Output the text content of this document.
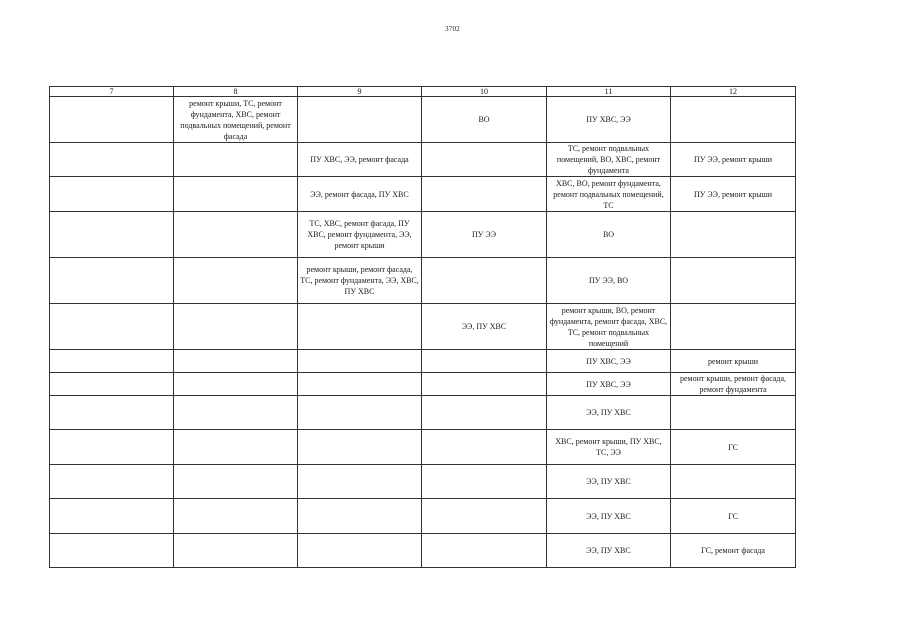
3702
7	8	9	10	11	12
	ремонт крыши, ТС, ремонт фундамента, ХВС, ремонт подвальных помещений, ремонт фасада		ВО	ПУ ХВС, ЭЭ	
		ПУ ХВС, ЭЭ, ремонт фасада		ТС, ремонт подвальных помещений, ВО, ХВС, ремонт фундамента	ПУ ЭЭ, ремонт крыши
		ЭЭ, ремонт фасада, ПУ ХВС		ХВС, ВО, ремонт фундамента, ремонт подвальных помещений, ТС	ПУ ЭЭ, ремонт крыши
		ТС, ХВС, ремонт фасада, ПУ ХВС, ремонт фундамента, ЭЭ, ремонт крыши	ПУ ЭЭ	ВО	
		ремонт крыши, ремонт фасада, ТС, ремонт фундамента, ЭЭ, ХВС, ПУ ХВС		ПУ ЭЭ, ВО	
			ЭЭ, ПУ ХВС	ремонт крыши, ВО, ремонт фундамента, ремонт фасада, ХВС, ТС, ремонт подвальных помещений	
				ПУ ХВС, ЭЭ	ремонт крыши
				ПУ ХВС, ЭЭ	ремонт крыши, ремонт фасада, ремонт фундамента
				ЭЭ, ПУ ХВС	
				ХВС, ремонт крыши, ПУ ХВС, ТС, ЭЭ	ГС
				ЭЭ, ПУ ХВС	
				ЭЭ, ПУ ХВС	ГС
				ЭЭ, ПУ ХВС	ГС, ремонт фасада
